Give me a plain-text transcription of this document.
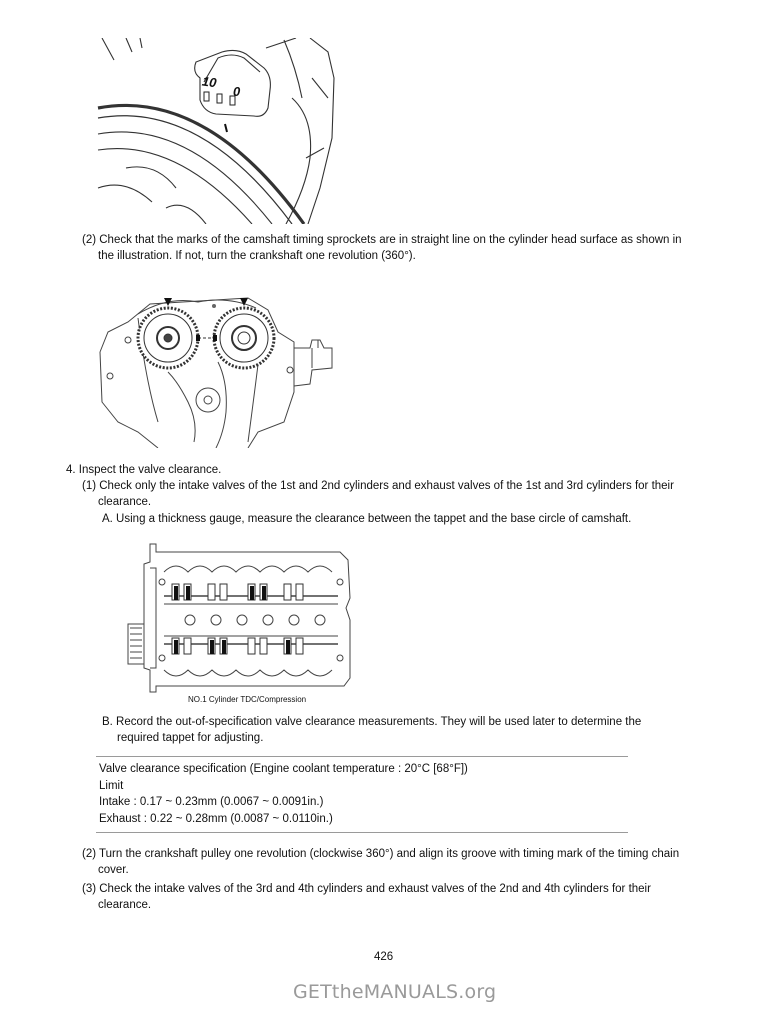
10
0
(2) Check that the marks of the camshaft timing sprockets are in straight line on the cylinder head surface as shown in
the illustration. If not, turn the crankshaft one revolution (360°).
4. Inspect the valve clearance.
(1) Check only the intake valves of the 1st and 2nd cylinders and exhaust valves of the 1st and 3rd cylinders for their
clearance.
A. Using a thickness gauge, measure the clearance between the tappet and the base circle of camshaft.
NO.1 Cylinder TDC/Compression
B. Record the out-of-specification valve clearance measurements. They will be used later to determine the
required tappet for adjusting.
Valve clearance specification (Engine coolant temperature : 20°C [68°F])
Limit
Intake : 0.17 ~ 0.23mm (0.0067 ~ 0.0091in.)
Exhaust : 0.22 ~ 0.28mm (0.0087 ~ 0.0110in.)
(2) Turn the crankshaft pulley one revolution (clockwise 360°) and align its groove with timing mark of the timing chain
cover.
(3) Check the intake valves of the 3rd and 4th cylinders and exhaust valves of the 2nd and 4th cylinders for their
clearance.
426
GETtheMANUALS.org
